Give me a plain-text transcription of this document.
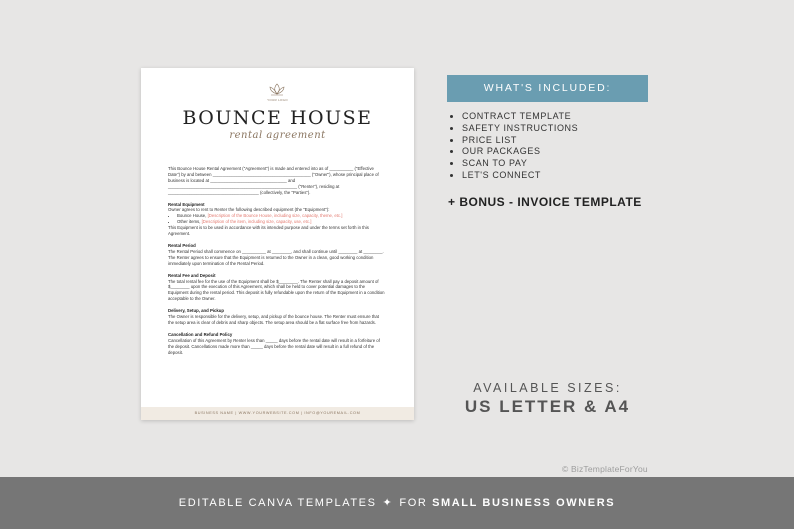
YOUR LOGO
BOUNCE HOUSE
rental agreement

This Bounce House Rental Agreement ("Agreement") is made and entered into as of __________ ("Effective Date") by and between _________________________________________ ("Owner"), whose principal place of business is located at ________________________________ and ______________________________________________________ ("Renter"), residing at ______________________________________ (collectively, the "Parties").

Rental Equipment

Owner agrees to rent to Renter the following described equipment (the "Equipment"):

• Bounce House, [Description of the Bounce House, including size, capacity, theme, etc.]
• Other items, [Description of the item, including size, capacity, use, etc.]

This Equipment is to be used in accordance with its intended purpose and under the terms set forth in this Agreement.

Rental Period

The Rental Period shall commence on __________ at ________, and shall continue until ________ at ________. The Renter agrees to ensure that the Equipment is returned to the Owner in a clean, good working condition immediately upon termination of the Rental Period.

Rental Fee and Deposit

The total rental fee for the use of the Equipment shall be $________. The Renter shall pay a deposit amount of $________ upon the execution of this Agreement, which shall be held to cover potential damages to the Equipment during the rental period. This deposit is fully refundable upon the return of the Equipment in a condition acceptable to the Owner.

Delivery, Setup, and Pickup

The Owner is responsible for the delivery, setup, and pickup of the bounce house. The Renter must ensure that the setup area is clear of debris and sharp objects. The setup area should be a flat surface free from hazards.

Cancellation and Refund Policy

Cancellation of this Agreement by Renter less than _____ days before the rental date will result in a forfeiture of the deposit. Cancellations made more than _____ days before the rental date will result in a full refund of the deposit.

BUSINESS NAME | WWW.YOURWEBSITE.COM | INFO@YOUREMAIL.COM
WHAT'S INCLUDED:
• CONTRACT TEMPLATE
• SAFETY INSTRUCTIONS
• PRICE LIST
• OUR PACKAGES
• SCAN TO PAY
• LET'S CONNECT
+ BONUS - INVOICE TEMPLATE
AVAILABLE SIZES:
US LETTER & A4
© BizTemplateForYou
EDITABLE CANVA TEMPLATES ✦ FOR SMALL BUSINESS OWNERS
